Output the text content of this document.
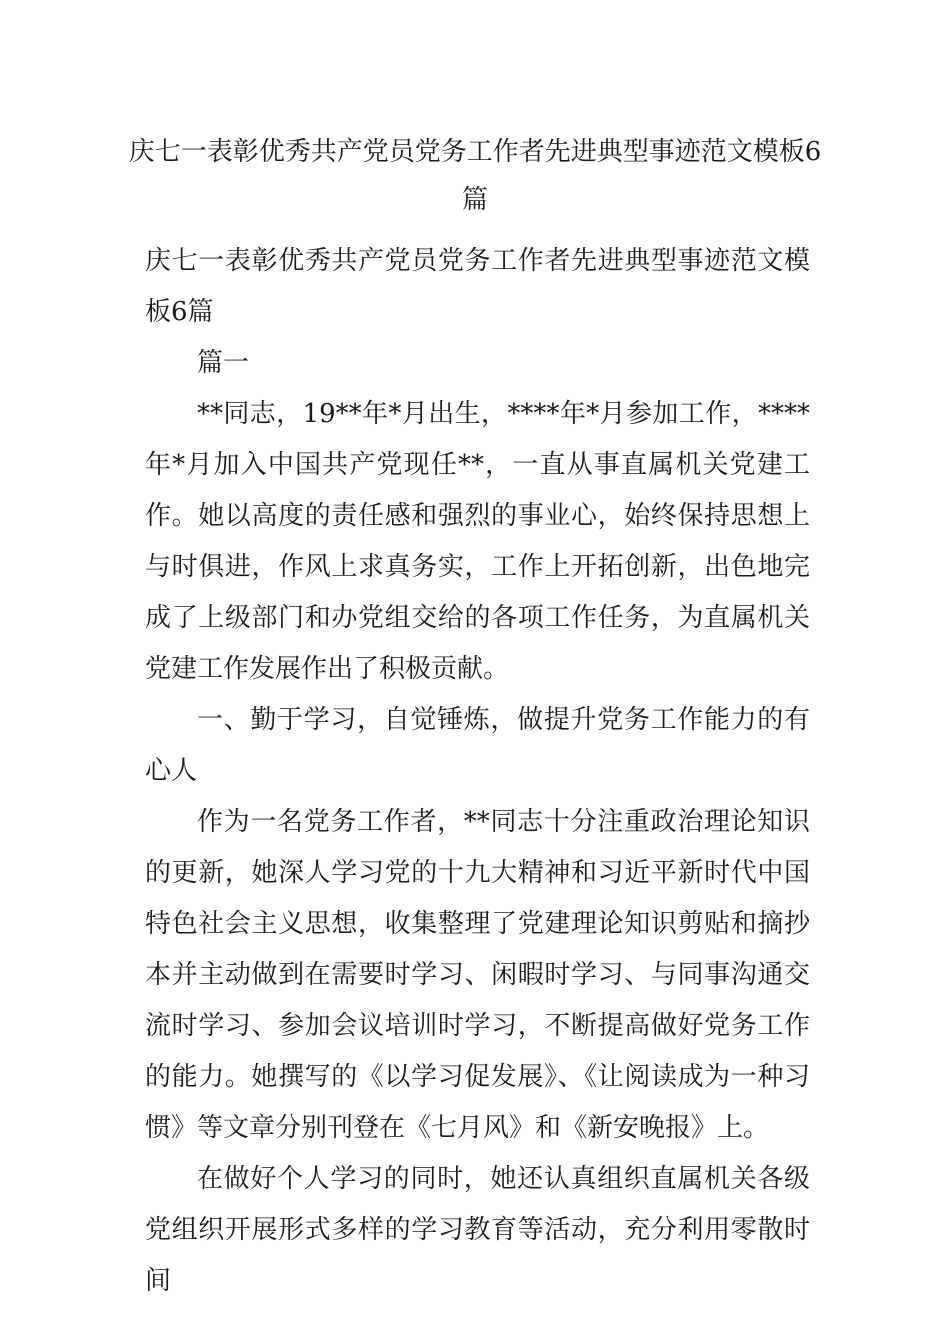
庆七一表彰优秀共产党员党务工作者先进典型事迹范文模板6篇

庆七一表彰优秀共产党员党务工作者先进典型事迹范文模板6篇

篇一

**同志，19**年*月出生，****年*月参加工作，****年*月加入中国共产党现任**，一直从事直属机关党建工作。她以高度的责任感和强烈的事业心，始终保持思想上与时俱进，作风上求真务实，工作上开拓创新，出色地完成了上级部门和办党组交给的各项工作任务，为直属机关党建工作发展作出了积极贡献。

一、勤于学习，自觉锤炼，做提升党务工作能力的有心人

作为一名党务工作者，**同志十分注重政治理论知识的更新，她深人学习党的十九大精神和习近平新时代中国特色社会主义思想，收集整理了党建理论知识剪贴和摘抄本并主动做到在需要时学习、闲暇时学习、与同事沟通交流时学习、参加会议培训时学习，不断提高做好党务工作的能力。她撰写的《以学习促发展》、《让阅读成为一种习惯》等文章分别刊登在《七月风》和《新安晚报》上。

在做好个人学习的同时，她还认真组织直属机关各级党组织开展形式多样的学习教育等活动，充分利用零散时间
